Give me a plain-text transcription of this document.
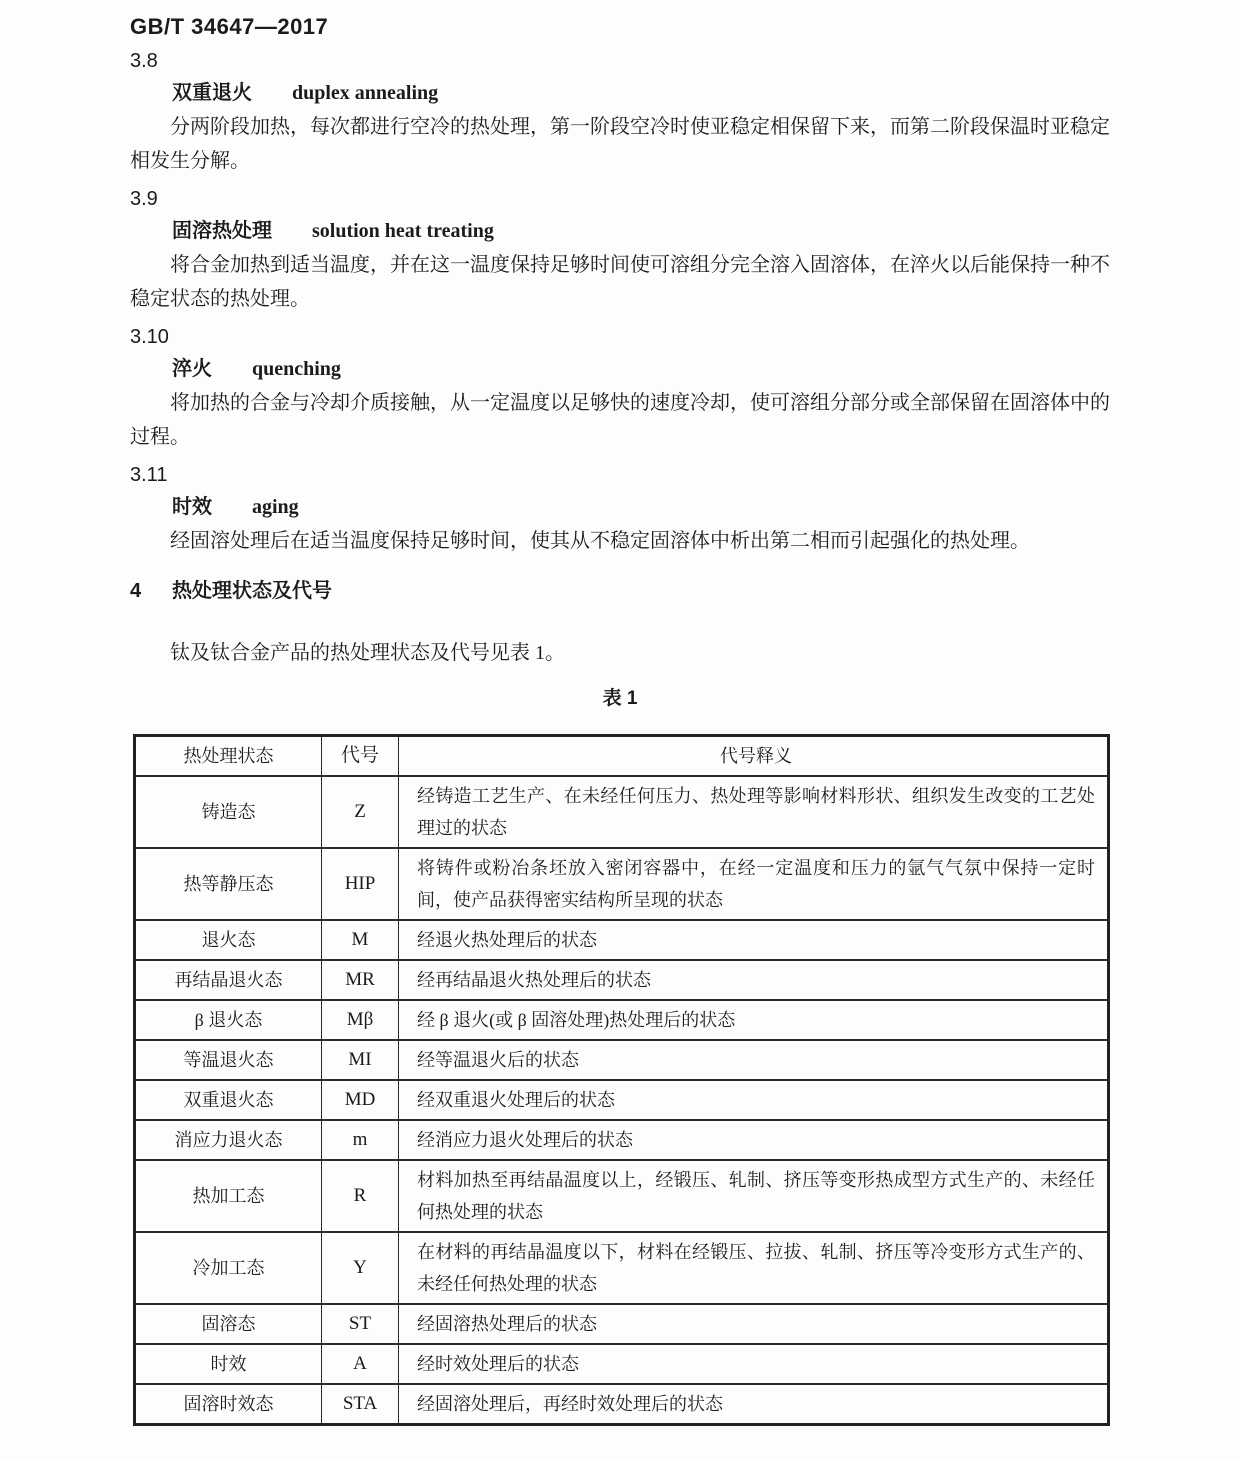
GB/T 34647—2017
3.8
双重退火 duplex annealing

分两阶段加热，每次都进行空冷的热处理，第一阶段空冷时使亚稳定相保留下来，而第二阶段保温时亚稳定相发生分解。

3.9
固溶热处理 solution heat treating

将合金加热到适当温度，并在这一温度保持足够时间使可溶组分完全溶入固溶体，在淬火以后能保持一种不稳定状态的热处理。

3.10
淬火 quenching

将加热的合金与冷却介质接触，从一定温度以足够快的速度冷却，使可溶组分部分或全部保留在固溶体中的过程。

3.11
时效 aging

经固溶处理后在适当温度保持足够时间，使其从不稳定固溶体中析出第二相而引起强化的热处理。

4 热处理状态及代号

钛及钛合金产品的热处理状态及代号见表 1。

表 1
热处理状态	代号	代号释义
铸造态	Z	经铸造工艺生产、在未经任何压力、热处理等影响材料形状、组织发生改变的工艺处理过的状态
热等静压态	HIP	将铸件或粉冶条坯放入密闭容器中，在经一定温度和压力的氩气气氛中保持一定时间，使产品获得密实结构所呈现的状态
退火态	M	经退火热处理后的状态
再结晶退火态	MR	经再结晶退火热处理后的状态
β 退火态	Mβ	经 β 退火(或 β 固溶处理)热处理后的状态
等温退火态	MI	经等温退火后的状态
双重退火态	MD	经双重退火处理后的状态
消应力退火态	m	经消应力退火处理后的状态
热加工态	R	材料加热至再结晶温度以上，经锻压、轧制、挤压等变形热成型方式生产的、未经任何热处理的状态
冷加工态	Y	在材料的再结晶温度以下，材料在经锻压、拉拔、轧制、挤压等冷变形方式生产的、未经任何热处理的状态
固溶态	ST	经固溶热处理后的状态
时效	A	经时效处理后的状态
固溶时效态	STA	经固溶处理后，再经时效处理后的状态
